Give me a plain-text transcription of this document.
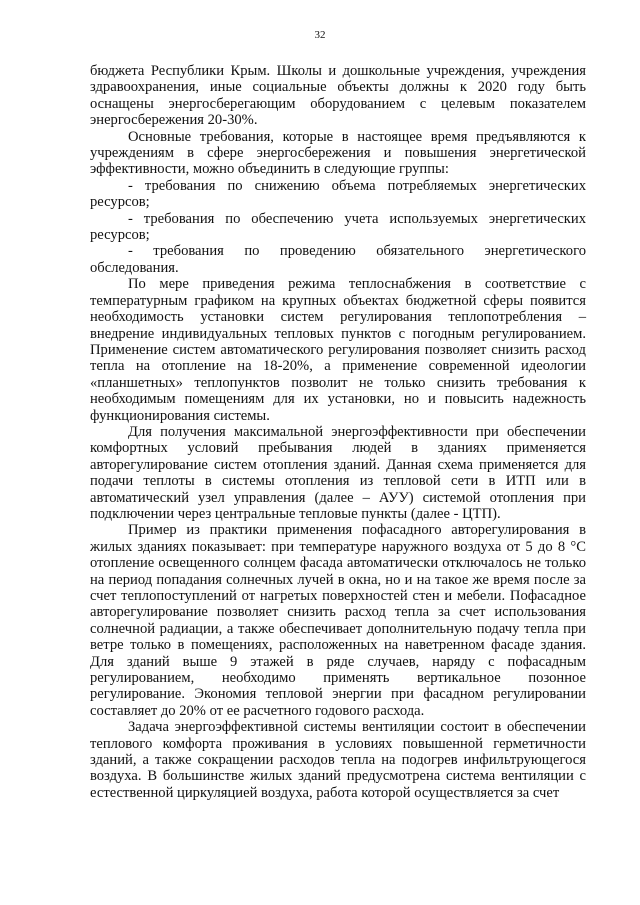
32

бюджета Республики Крым. Школы и дошкольные учреждения, учреждения здравоохранения, иные социальные объекты должны к 2020 году быть оснащены энергосберегающим оборудованием с целевым показателем энергосбережения 20-30%.

Основные требования, которые в настоящее время предъявляются к учреждениям в сфере энергосбережения и повышения энергетической эффективности, можно объединить в следующие группы:

- требования по снижению объема потребляемых энергетических ресурсов;

- требования по обеспечению учета используемых энергетических ресурсов;

- требования по проведению обязательного энергетического обследования.

По мере приведения режима теплоснабжения в соответствие с температурным графиком на крупных объектах бюджетной сферы появится необходимость установки систем регулирования теплопотребления – внедрение индивидуальных тепловых пунктов с погодным регулированием. Применение систем автоматического регулирования позволяет снизить расход тепла на отопление на 18-20%, а применение современной идеологии «планшетных» теплопунктов позволит не только снизить требования к необходимым помещениям для их установки, но и повысить надежность функционирования системы.

Для получения максимальной энергоэффективности при обеспечении комфортных условий пребывания людей в зданиях применяется авторегулирование систем отопления зданий. Данная схема применяется для подачи теплоты в системы отопления из тепловой сети в ИТП или в автоматический узел управления (далее – АУУ) системой отопления при подключении через центральные тепловые пункты (далее - ЦТП).

Пример из практики применения пофасадного авторегулирования в жилых зданиях показывает: при температуре наружного воздуха от 5 до 8 °С отопление освещенного солнцем фасада автоматически отключалось не только на период попадания солнечных лучей в окна, но и на такое же время после за счет теплопоступлений от нагретых поверхностей стен и мебели. Пофасадное авторегулирование позволяет снизить расход тепла за счет использования солнечной радиации, а также обеспечивает дополнительную подачу тепла при ветре только в помещениях, расположенных на наветренном фасаде здания. Для зданий выше 9 этажей в ряде случаев, наряду с пофасадным регулированием, необходимо применять вертикальное позонное регулирование. Экономия тепловой энергии при фасадном регулировании составляет до 20% от ее расчетного годового расхода.

Задача энергоэффективной системы вентиляции состоит в обеспечении теплового комфорта проживания в условиях повышенной герметичности зданий, а также сокращении расходов тепла на подогрев инфильтрующегося воздуха. В большинстве жилых зданий предусмотрена система вентиляции с естественной циркуляцией воздуха, работа которой осуществляется за счет
